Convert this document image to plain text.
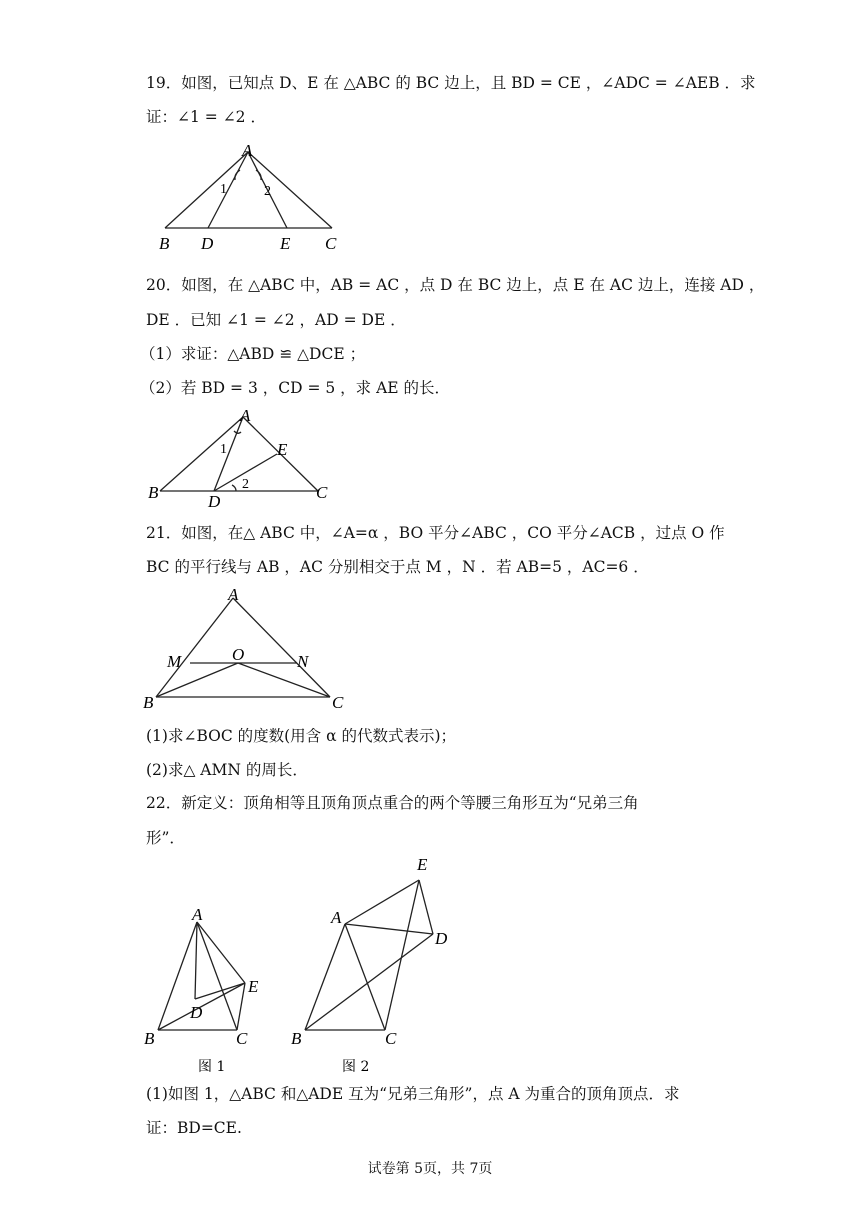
19．如图，已知点 D、E 在 △ABC 的 BC 边上，且 BD = CE ，∠ADC = ∠AEB ．求
证：∠1 = ∠2 ．
A
B D	E C
1	2
20．如图，在 △ABC 中，AB = AC ，点 D 在 BC 边上，点 E 在 AC 边上，连接 AD ，
DE ．已知 ∠1 = ∠2 ，AD = DE ．
（1）求证：△ABD ≌ △DCE ；
（2）若 BD = 3 ，CD = 5 ，求 AE 的长．
A
B	D
E
C
1
2
21．如图，在△ ABC 中，∠A=α ，BO 平分∠ABC ，CO 平分∠ACB ，过点 O 作
BC 的平行线与 AB ，AC 分别相交于点 M ，N ．若 AB=5 ，AC=6 ．
A
M	O	N
B	C
(1)求∠BOC 的度数(用含 α 的代数式表示)；
(2)求△ AMN 的周长．
22．新定义：顶角相等且顶角顶点重合的两个等腰三角形互为“兄弟三角
形”．
A
D
E
B	C
图 1
E
A
D
B	C
图 2
(1)如图 1，△ABC 和△ADE 互为“兄弟三角形”，点 A 为重合的顶角顶点．求
证：BD=CE.
试卷第 5页，共 7页
